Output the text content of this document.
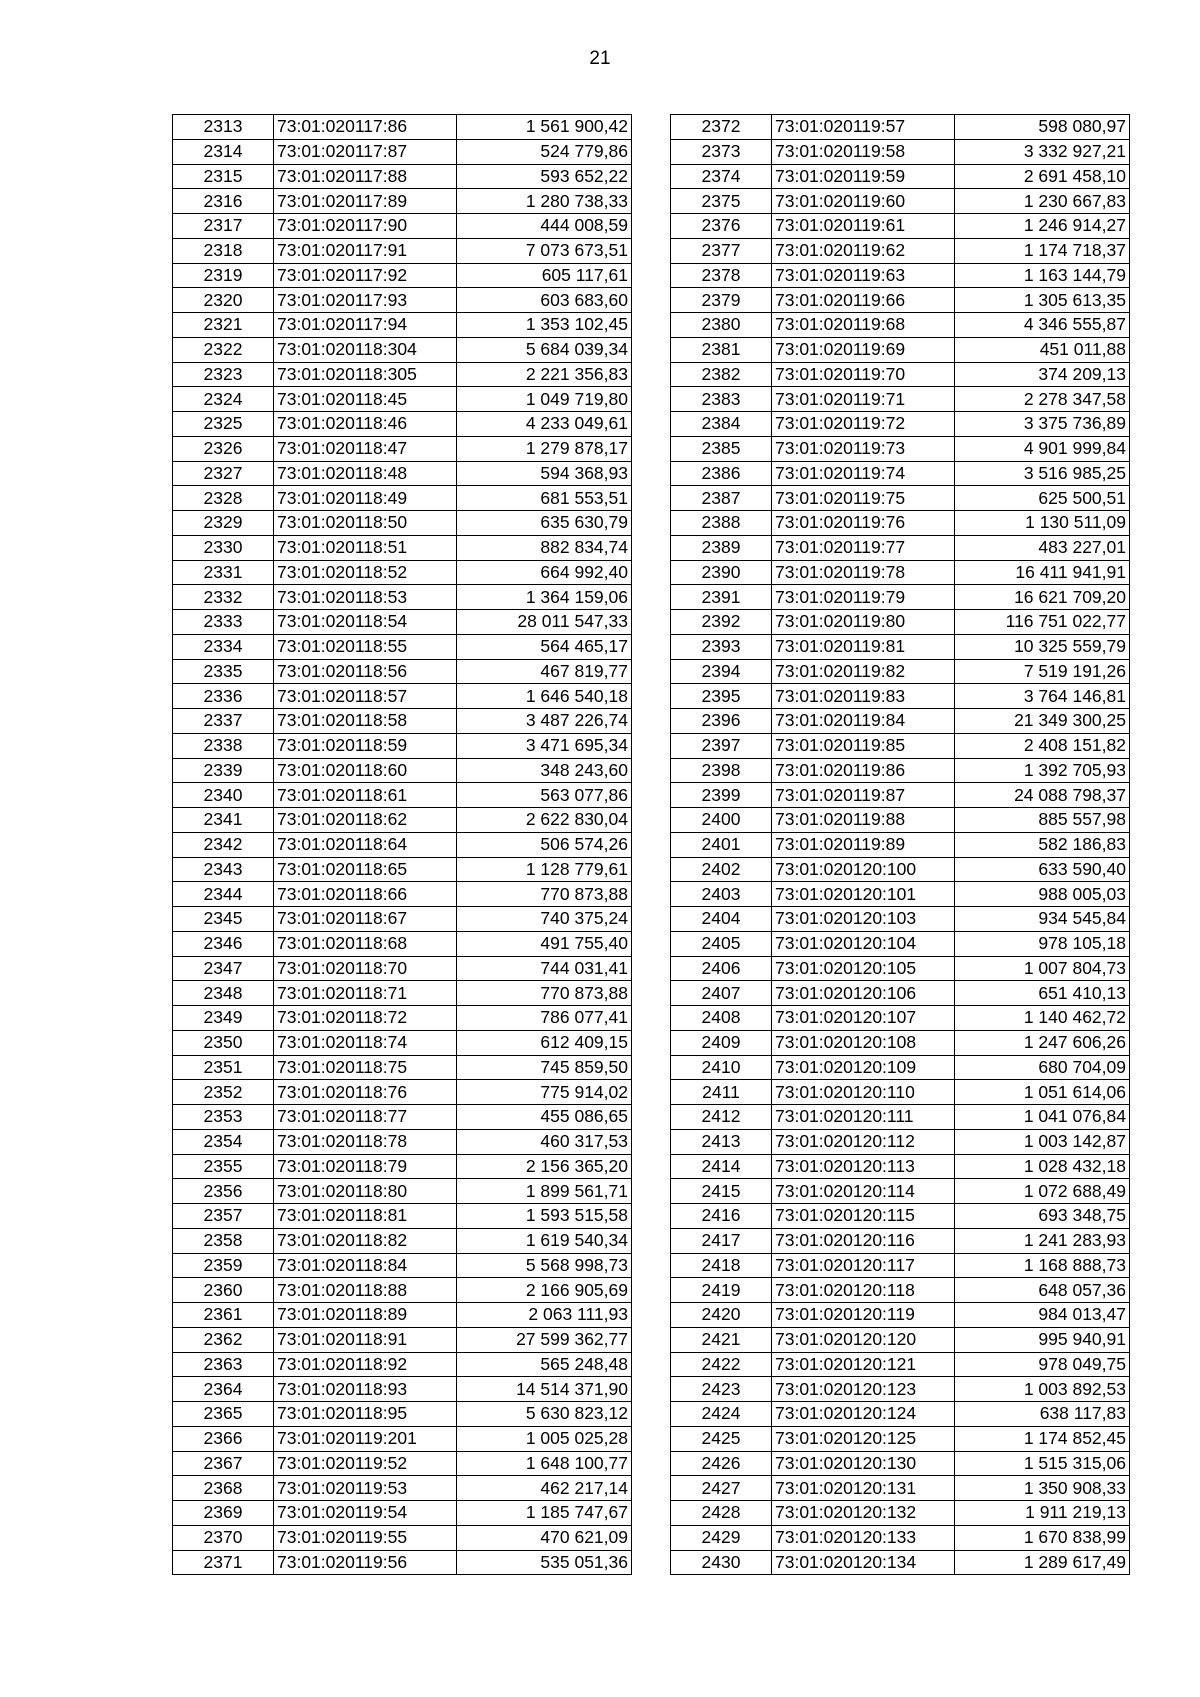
21
2313	73:01:020117:86	1 561 900,42
2314	73:01:020117:87	524 779,86
2315	73:01:020117:88	593 652,22
2316	73:01:020117:89	1 280 738,33
2317	73:01:020117:90	444 008,59
2318	73:01:020117:91	7 073 673,51
2319	73:01:020117:92	605 117,61
2320	73:01:020117:93	603 683,60
2321	73:01:020117:94	1 353 102,45
2322	73:01:020118:304	5 684 039,34
2323	73:01:020118:305	2 221 356,83
2324	73:01:020118:45	1 049 719,80
2325	73:01:020118:46	4 233 049,61
2326	73:01:020118:47	1 279 878,17
2327	73:01:020118:48	594 368,93
2328	73:01:020118:49	681 553,51
2329	73:01:020118:50	635 630,79
2330	73:01:020118:51	882 834,74
2331	73:01:020118:52	664 992,40
2332	73:01:020118:53	1 364 159,06
2333	73:01:020118:54	28 011 547,33
2334	73:01:020118:55	564 465,17
2335	73:01:020118:56	467 819,77
2336	73:01:020118:57	1 646 540,18
2337	73:01:020118:58	3 487 226,74
2338	73:01:020118:59	3 471 695,34
2339	73:01:020118:60	348 243,60
2340	73:01:020118:61	563 077,86
2341	73:01:020118:62	2 622 830,04
2342	73:01:020118:64	506 574,26
2343	73:01:020118:65	1 128 779,61
2344	73:01:020118:66	770 873,88
2345	73:01:020118:67	740 375,24
2346	73:01:020118:68	491 755,40
2347	73:01:020118:70	744 031,41
2348	73:01:020118:71	770 873,88
2349	73:01:020118:72	786 077,41
2350	73:01:020118:74	612 409,15
2351	73:01:020118:75	745 859,50
2352	73:01:020118:76	775 914,02
2353	73:01:020118:77	455 086,65
2354	73:01:020118:78	460 317,53
2355	73:01:020118:79	2 156 365,20
2356	73:01:020118:80	1 899 561,71
2357	73:01:020118:81	1 593 515,58
2358	73:01:020118:82	1 619 540,34
2359	73:01:020118:84	5 568 998,73
2360	73:01:020118:88	2 166 905,69
2361	73:01:020118:89	2 063 111,93
2362	73:01:020118:91	27 599 362,77
2363	73:01:020118:92	565 248,48
2364	73:01:020118:93	14 514 371,90
2365	73:01:020118:95	5 630 823,12
2366	73:01:020119:201	1 005 025,28
2367	73:01:020119:52	1 648 100,77
2368	73:01:020119:53	462 217,14
2369	73:01:020119:54	1 185 747,67
2370	73:01:020119:55	470 621,09
2371	73:01:020119:56	535 051,36
2372	73:01:020119:57	598 080,97
2373	73:01:020119:58	3 332 927,21
2374	73:01:020119:59	2 691 458,10
2375	73:01:020119:60	1 230 667,83
2376	73:01:020119:61	1 246 914,27
2377	73:01:020119:62	1 174 718,37
2378	73:01:020119:63	1 163 144,79
2379	73:01:020119:66	1 305 613,35
2380	73:01:020119:68	4 346 555,87
2381	73:01:020119:69	451 011,88
2382	73:01:020119:70	374 209,13
2383	73:01:020119:71	2 278 347,58
2384	73:01:020119:72	3 375 736,89
2385	73:01:020119:73	4 901 999,84
2386	73:01:020119:74	3 516 985,25
2387	73:01:020119:75	625 500,51
2388	73:01:020119:76	1 130 511,09
2389	73:01:020119:77	483 227,01
2390	73:01:020119:78	16 411 941,91
2391	73:01:020119:79	16 621 709,20
2392	73:01:020119:80	116 751 022,77
2393	73:01:020119:81	10 325 559,79
2394	73:01:020119:82	7 519 191,26
2395	73:01:020119:83	3 764 146,81
2396	73:01:020119:84	21 349 300,25
2397	73:01:020119:85	2 408 151,82
2398	73:01:020119:86	1 392 705,93
2399	73:01:020119:87	24 088 798,37
2400	73:01:020119:88	885 557,98
2401	73:01:020119:89	582 186,83
2402	73:01:020120:100	633 590,40
2403	73:01:020120:101	988 005,03
2404	73:01:020120:103	934 545,84
2405	73:01:020120:104	978 105,18
2406	73:01:020120:105	1 007 804,73
2407	73:01:020120:106	651 410,13
2408	73:01:020120:107	1 140 462,72
2409	73:01:020120:108	1 247 606,26
2410	73:01:020120:109	680 704,09
2411	73:01:020120:110	1 051 614,06
2412	73:01:020120:111	1 041 076,84
2413	73:01:020120:112	1 003 142,87
2414	73:01:020120:113	1 028 432,18
2415	73:01:020120:114	1 072 688,49
2416	73:01:020120:115	693 348,75
2417	73:01:020120:116	1 241 283,93
2418	73:01:020120:117	1 168 888,73
2419	73:01:020120:118	648 057,36
2420	73:01:020120:119	984 013,47
2421	73:01:020120:120	995 940,91
2422	73:01:020120:121	978 049,75
2423	73:01:020120:123	1 003 892,53
2424	73:01:020120:124	638 117,83
2425	73:01:020120:125	1 174 852,45
2426	73:01:020120:130	1 515 315,06
2427	73:01:020120:131	1 350 908,33
2428	73:01:020120:132	1 911 219,13
2429	73:01:020120:133	1 670 838,99
2430	73:01:020120:134	1 289 617,49
